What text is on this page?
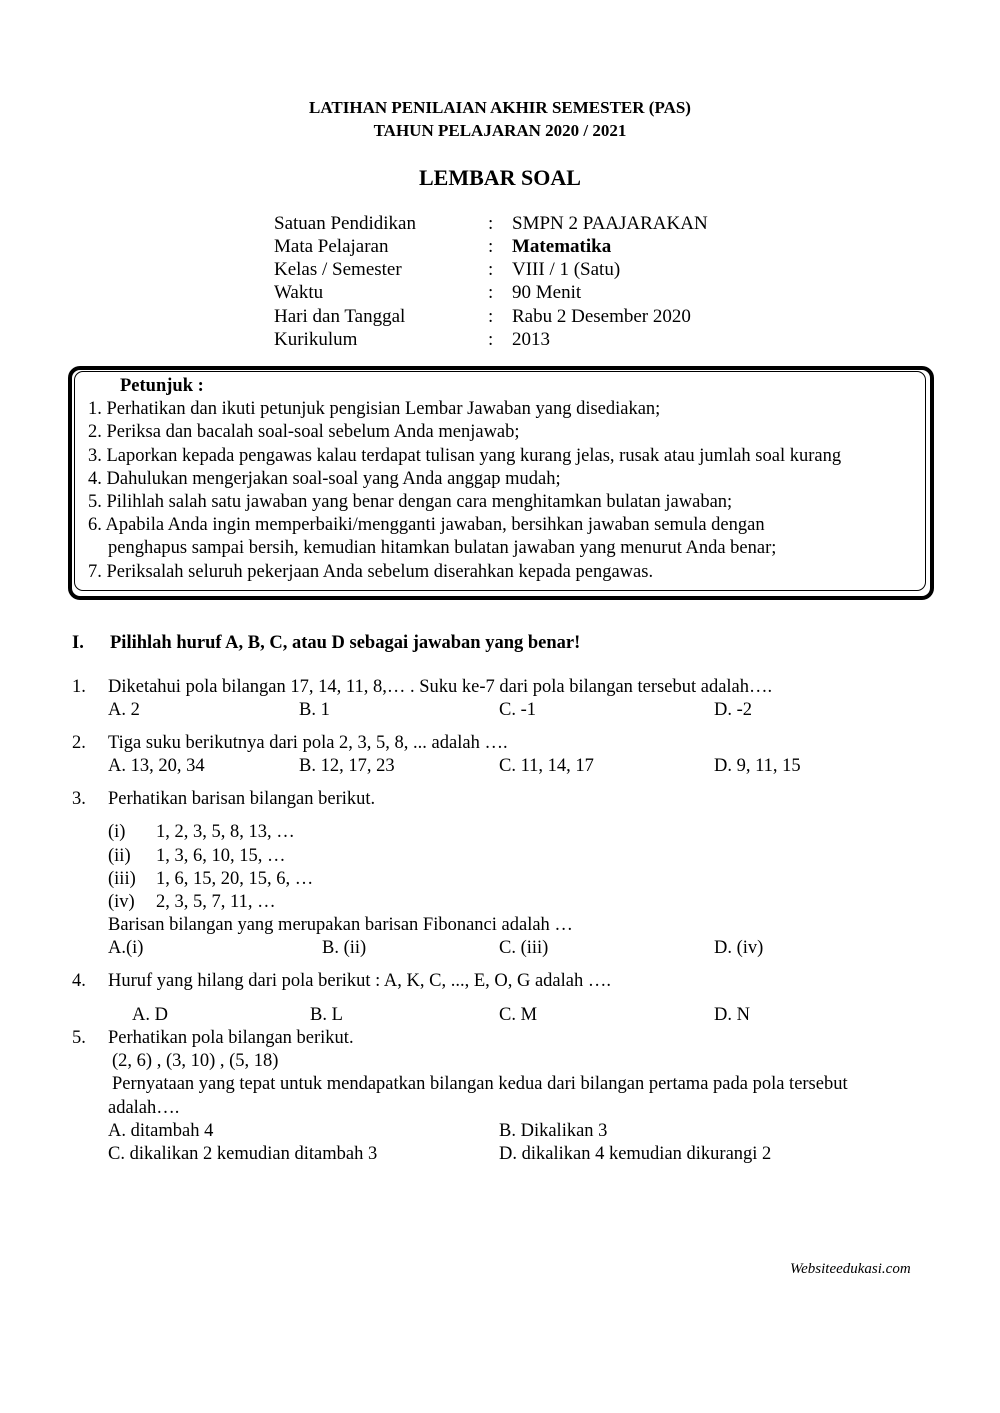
LATIHAN PENILAIAN AKHIR SEMESTER (PAS)
TAHUN PELAJARAN 2020 / 2021
LEMBAR SOAL
Satuan Pendidikan	: SMPN 2 PAAJARAKAN
Mata Pelajaran	: Matematika
Kelas / Semester	: VIII / 1 (Satu)
Waktu	: 90 Menit
Hari dan Tanggal	: Rabu 2 Desember 2020
Kurikulum	: 2013
Petunjuk :
1. Perhatikan dan ikuti petunjuk pengisian Lembar Jawaban yang disediakan;
2. Periksa dan bacalah soal-soal sebelum Anda menjawab;
3. Laporkan kepada pengawas kalau terdapat tulisan yang kurang jelas, rusak atau jumlah soal kurang
4. Dahulukan mengerjakan soal-soal yang Anda anggap mudah;
5. Pilihlah salah satu jawaban yang benar dengan cara menghitamkan bulatan jawaban;
6. Apabila Anda ingin memperbaiki/mengganti jawaban, bersihkan jawaban semula dengan
penghapus sampai bersih, kemudian hitamkan bulatan jawaban yang menurut Anda benar;
7. Periksalah seluruh pekerjaan Anda sebelum diserahkan kepada pengawas.
I. Pilihlah huruf A, B, C, atau D sebagai jawaban yang benar!
1. Diketahui pola bilangan 17, 14, 11, 8,… . Suku ke-7 dari pola bilangan tersebut adalah….
A. 2	B. 1	C. -1	D. -2
2. Tiga suku berikutnya dari pola 2, 3, 5, 8, ... adalah ….
A. 13, 20, 34	B. 12, 17, 23	C. 11, 14, 17	D. 9, 11, 15
3. Perhatikan barisan bilangan berikut.
(i) 1, 2, 3, 5, 8, 13, …
(ii) 1, 3, 6, 10, 15, …
(iii) 1, 6, 15, 20, 15, 6, …
(iv) 2, 3, 5, 7, 11, …
Barisan bilangan yang merupakan barisan Fibonanci adalah …
A.(i)	B. (ii)	C. (iii)	D. (iv)
4. Huruf yang hilang dari pola berikut : A, K, C, ..., E, O, G adalah ….
A. D	B. L	C. M	D. N
5. Perhatikan pola bilangan berikut.
(2, 6) , (3, 10) , (5, 18)
Pernyataan yang tepat untuk mendapatkan bilangan kedua dari bilangan pertama pada pola tersebut
adalah….
A. ditambah 4	B. Dikalikan 3
C. dikalikan 2 kemudian ditambah 3	D. dikalikan 4 kemudian dikurangi 2
Websiteedukasi.com
